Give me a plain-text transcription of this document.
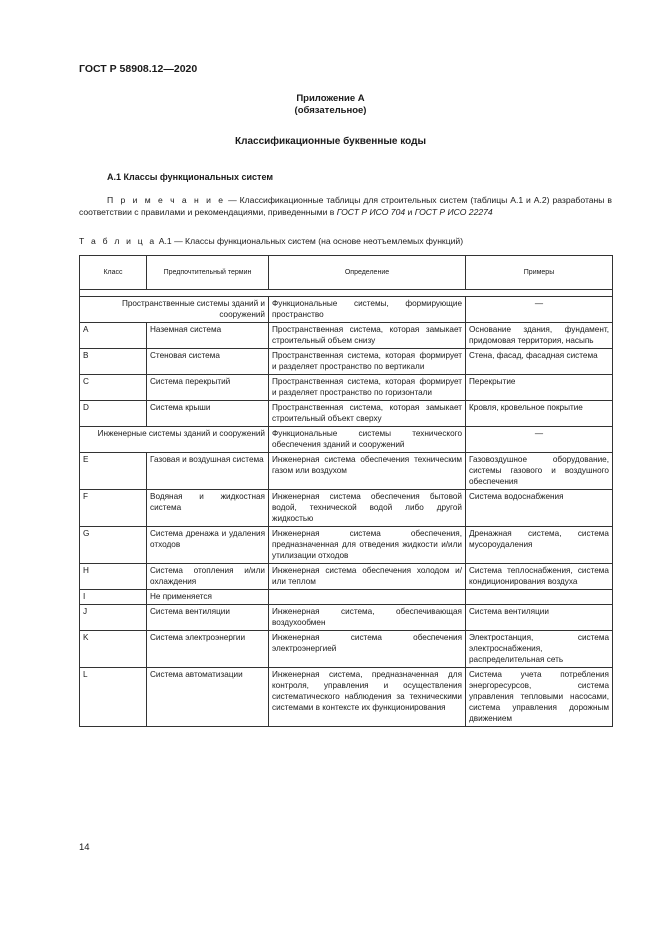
ГОСТ Р 58908.12—2020
Приложение А
(обязательное)
Классификационные буквенные коды
А.1 Классы функциональных систем
П р и м е ч а н и е — Классификационные таблицы для строительных систем (таблицы А.1 и А.2) разработаны в соответствии с правилами и рекомендациями, приведенными в ГОСТ Р ИСО 704 и ГОСТ Р ИСО 22274
Т а б л и ц а А.1 — Классы функциональных систем (на основе неотъемлемых функций)
Класс	Предпочтительный термин	Определение	Примеры

Пространственные системы зданий и сооружений		Функциональные системы, формирующие пространство	—
A	Наземная система	Пространственная система, которая замыкает строительный объем снизу	Основание здания, фундамент, придомовая территория, насыпь
B	Стеновая система	Пространственная система, которая формирует и разделяет пространство по вертикали	Стена, фасад, фасадная система
C	Система перекрытий	Пространственная система, которая формирует и разделяет пространство по горизонтали	Перекрытие
D	Система крыши	Пространственная система, которая замыкает строительный объект сверху	Кровля, кровельное покрытие
Инженерные системы зданий и сооружений		Функциональные системы технического обеспечения зданий и сооружений	—
E	Газовая и воздушная система	Инженерная система обеспечения техническим газом или воздухом	Газовоздушное оборудование, системы газового и воздушного обеспечения
F	Водяная и жидкостная система	Инженерная система обеспечения бытовой водой, технической водой либо другой жидкостью	Система водоснабжения
G	Система дренажа и удаления отходов	Инженерная система обеспечения, предназначенная для отведения жидкости и/или утилизации отходов	Дренажная система, система мусороудаления
H	Система отопления и/или охлаждения	Инженерная система обеспечения холодом и/или теплом	Система теплоснабжения, система кондиционирования воздуха
I	Не применяется		
J	Система вентиляции	Инженерная система, обеспечивающая воздухообмен	Система вентиляции
K	Система электроэнергии	Инженерная система обеспечения электроэнергией	Электростанция, система электроснабжения, распределительная сеть
L	Система автоматизации	Инженерная система, предназначенная для контроля, управления и осуществления систематического наблюдения за техническими системами в контексте их функционирования	Система учета потребления энергоресурсов, система управления тепловыми насосами, система управления дорожным движением
14
